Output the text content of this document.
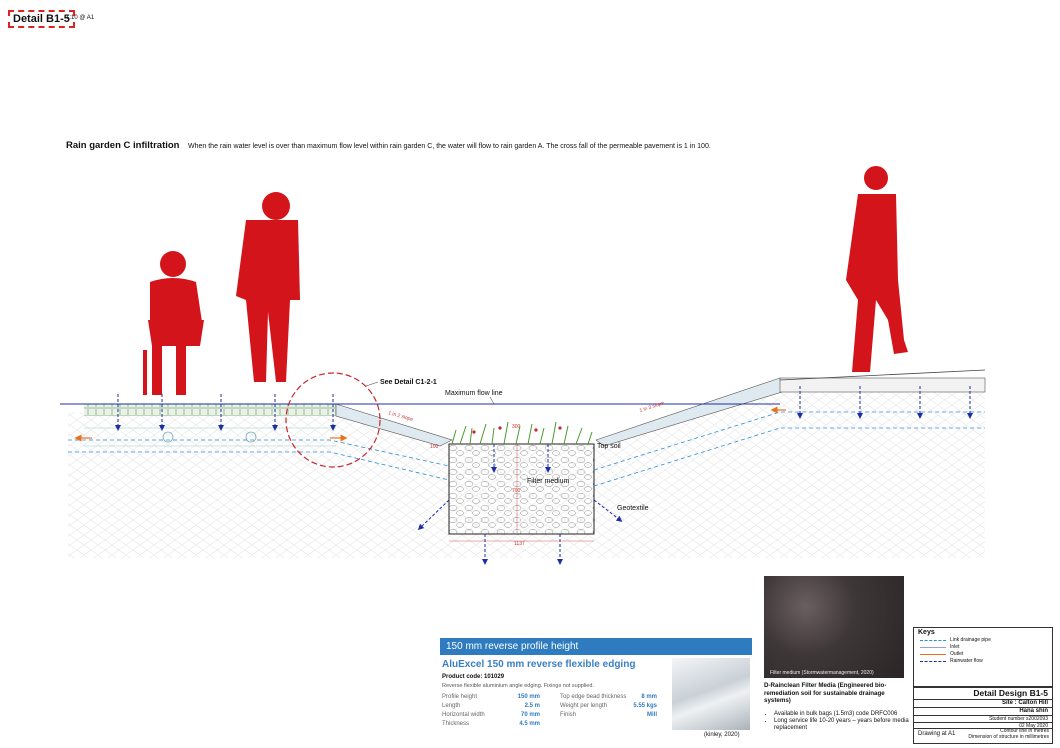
Detail B1-5
1:10 @ A1
Rain garden C infiltration When the rain water level is over than maximum flow level within rain garden C, the water will flow to rain garden A. The cross fall of the permeable pavement is 1 in 100.
See Detail C1-2-1
Maximum flow line
Top soil
Filter medium
Geotextile
300
100
700
1137
1 in 2 slope
1 in 3 slope
150 mm reverse profile height
AluExcel 150 mm reverse flexible edging
Product code: 101029
Reverse flexible aluminium angle edging. Fixings not supplied.
Profile height	150 mm
Length	2.5 m
Horizontal width	70 mm
Thickness	4.5 mm
Top edge bead thickness	8 mm
Weight per length	5.55 kgs
Finish	Mill
(kinley, 2020)
Filter medium (Stormwatermanagement, 2020)
D-Rainclean Filter Media (Engineered bio-remediation soil for sustainable drainage systems)
• Available in bulk bags (1.5m3) code DRFC006
• Long service life 10-20 years – years before media replacement
Keys
Link drainage pipe
Inlet
Outlet
Rainwater flow
Detail Design B1-5
Site : Calton Hill
Hana shin
Student number s2002093
02 May 2020
Drawing at A1	Contour line in metres
Dimension of structure in millimetres
